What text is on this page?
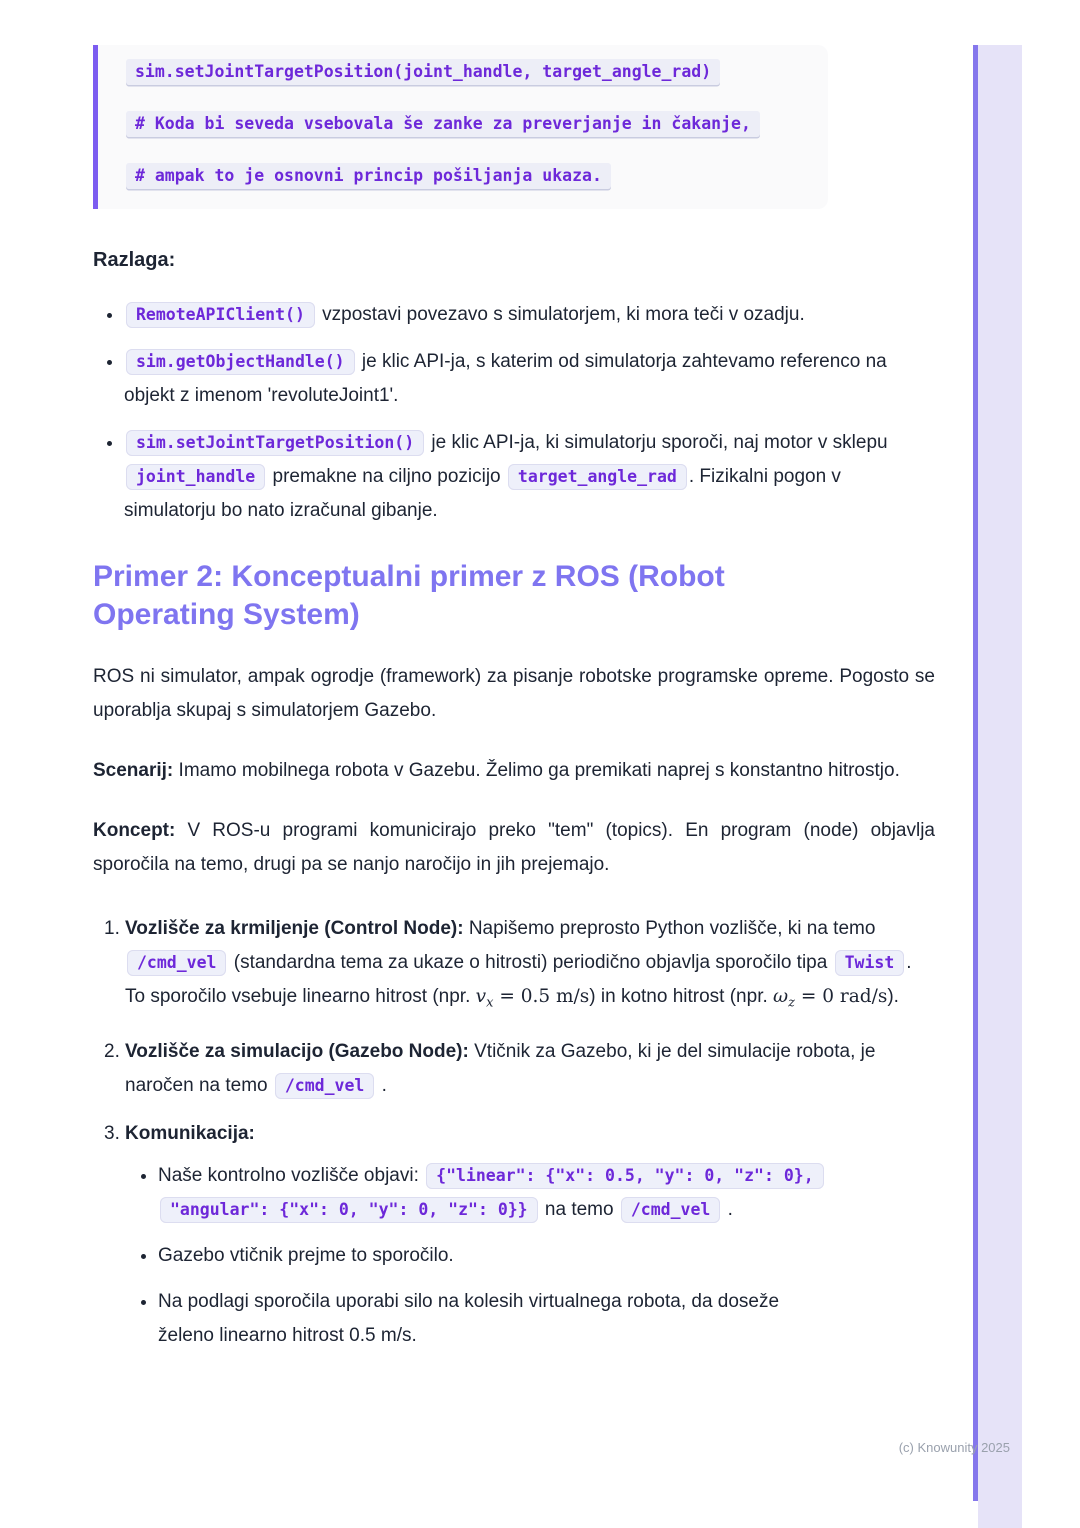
sim.setJointTargetPosition(joint_handle, target_angle_rad)
# Koda bi seveda vsebovala še zanke za preverjanje in čakanje,
# ampak to je osnovni princip pošiljanja ukaza.
Razlaga:
• RemoteAPIClient() vzpostavi povezavo s simulatorjem, ki mora teči v ozadju.
• sim.getObjectHandle() je klic API-ja, s katerim od simulatorja zahtevamo referenco na objekt z imenom 'revoluteJoint1'.
• sim.setJointTargetPosition() je klic API-ja, ki simulatorju sporoči, naj motor v sklepu joint_handle premakne na ciljno pozicijo target_angle_rad . Fizikalni pogon v simulatorju bo nato izračunal gibanje.
Primer 2: Konceptualni primer z ROS (Robot Operating System)

ROS ni simulator, ampak ogrodje (framework) za pisanje robotske programske opreme. Pogosto se uporablja skupaj s simulatorjem Gazebo.

Scenarij: Imamo mobilnega robota v Gazebu. Želimo ga premikati naprej s konstantno hitrostjo.

Koncept: V ROS-u programi komunicirajo preko "tem" (topics). En program (node) objavlja sporočila na temo, drugi pa se nanjo naročijo in jih prejemajo.

1. Vozlišče za krmiljenje (Control Node): Napišemo preprosto Python vozlišče, ki na temo /cmd_vel (standardna tema za ukaze o hitrosti) periodično objavlja sporočilo tipa Twist . To sporočilo vsebuje linearno hitrost (npr. $v_x = 0.5$ m/s) in kotno hitrost (npr. $\omega_z = 0$ rad/s).
2. Vozlišče za simulacijo (Gazebo Node): Vtičnik za Gazebo, ki je del simulacije robota, je naročen na temo /cmd_vel .
3. Komunikacija:
• Naše kontrolno vozlišče objavi: {"linear": {"x": 0.5, "y": 0, "z": 0}, "angular": {"x": 0, "y": 0, "z": 0}} na temo /cmd_vel .
• Gazebo vtičnik prejme to sporočilo.
• Na podlagi sporočila uporabi silo na kolesih virtualnega robota, da doseže želeno linearno hitrost 0.5 m/s.
(c) Knowunity 2025
